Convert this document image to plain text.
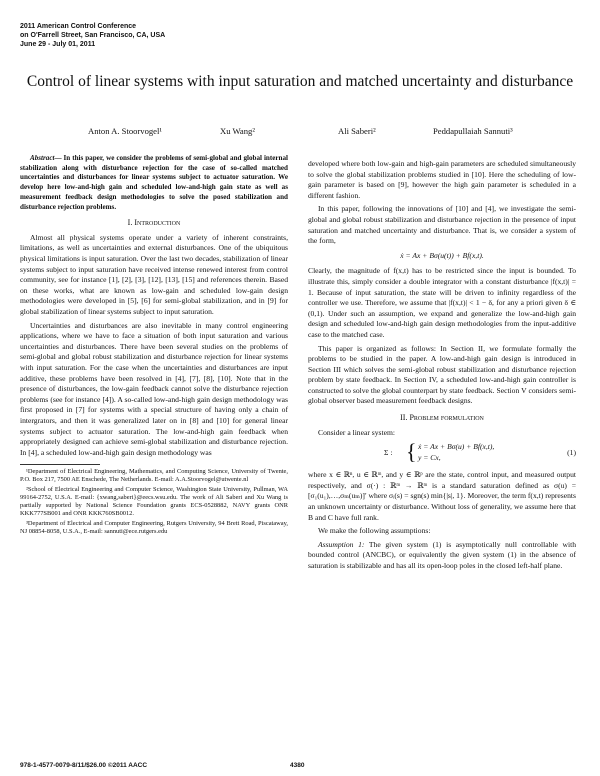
2011 American Control Conference
on O'Farrell Street, San Francisco, CA, USA
June 29 - July 01, 2011
Control of linear systems with input saturation and matched uncertainty and disturbance
Anton A. Stoorvogel¹	Xu Wang²	Ali Saberi²	Peddapullaiah Sannuti³

Abstract— In this paper, we consider the problems of semi-global and global internal stabilization along with disturbance rejection for the case of so-called matched uncertainties and disturbances for linear systems subject to actuator saturation. We develop here low-and-high gain and scheduled low-and-high gain state as well as measurement feedback design methodologies to solve the posed stabilization and disturbance rejection problems.

I. Introduction

Almost all physical systems operate under a variety of inherent constraints, limitations, as well as uncertainties and external disturbances. One of the ubiquitous physical limitations is input saturation. Over the last two decades, stabilization of linear systems subject to input saturation have received intense renewed interest from control community, see for instance [1], [2], [3], [12], [13], [15] and references therein. Based on these works, what are known as low-gain and scheduled low-gain design methodologies were developed in [5], [6] for semi-global stabilization, and in [9] for global stabilization of linear systems subject to input saturation.

Uncertainties and disturbances are also inevitable in many control engineering applications, where we have to face a situation of both input saturation and various uncertainties and disturbances. There have been several studies on the problems of semi-global and global robust stabilization and disturbance rejection for linear systems with input saturation. For the case when the uncertainties and disturbances are input additive, these problems have been resolved in [4], [7], [8], [10]. Note that in the presence of disturbances, the low-gain feedback cannot solve the disturbance rejection problems (see for instance [4]). A so-called low-and-high gain design methodology was first proposed in [7] for systems with a special structure of having only a chain of intergrators, and then it was generalized later on in [8] and [10] for general linear systems subject to actuator saturation. The low-and-high gain feedback when appropriately designed can achieve semi-global stabilization and disturbance rejection. In [4], a scheduled low-and-high gain design methodology was

¹Department of Electrical Engineering, Mathematics, and Computing Science, University of Twente, P.O. Box 217, 7500 AE Enschede, The Netherlands. E-mail: A.A.Stoorvogel@utwente.nl

²School of Electrical Engineering and Computer Science, Washington State University, Pullman, WA 99164-2752, U.S.A. E-mail: {xwang,saberi}@eecs.wsu.edu. The work of Ali Saberi and Xu Wang is partially supported by National Science Foundation grants ECS-0528882, NAVY grants ONR KKK777SB001 and ONR KKK760SB0012.

³Department of Electrical and Computer Engineering, Rutgers University, 94 Brett Road, Piscataway, NJ 08854-8058, U.S.A., E-mail: sannuti@ece.rutgers.edu

developed where both low-gain and high-gain parameters are scheduled simultaneously to solve the global stabilization problems studied in [10]. Here the scheduling of low-gain parameter is based on [9], however the high gain parameter is scheduled in a different fashion.

In this paper, following the innovations of [10] and [4], we investigate the semi-global and global robust stabilization and disturbance rejection in the presence of input saturation and matched uncertainty and disturbance. That is, we consider a system of the form,

ẋ = Ax + Bσ(u(t)) + Bf(x,t).

Clearly, the magnitude of f(x,t) has to be restricted since the input is bounded. To illustrate this, simply consider a double integrator with a constant disturbance |f(x,t)| = 1. Because of input saturation, the state will be driven to infinity regardless of the controller we use. Therefore, we assume that |f(x,t)| < 1 − δ, for any a priori given δ ∈ (0,1). Under such an assumption, we expand and generalize the low-and-high gain design and scheduled low-and-high gain design methodologies from the input-additive case to the matched case.

This paper is organized as follows: In Section II, we formulate formally the problems to be studied in the paper. A low-and-high gain design is introduced in Section III which solves the semi-global robust stabilization and disturbance rejection problem by state feedback. In Section IV, a scheduled low-and-high gain controller is constructed to solve the global counterpart by state feedback. Section V considers semi-global observer based measurement feedback designs.

II. Problem formulation

Consider a linear system:

Σ : { ẋ = Ax + Bσ(u) + Bf(x,t),
y = Cx,
(1)

where x ∈ ℝⁿ, u ∈ ℝᵐ, and y ∈ ℝᵖ are the state, control input, and measured output respectively, and σ(·) : ℝᵐ → ℝᵐ is a standard saturation defined as σ(u) = [σ₁(u₁),…,σₘ(uₘ)]′ where σᵢ(s) = sgn(s) min{|s|, 1}. Moreover, the term f(x,t) represents an unknown uncertainty or disturbance. Without loss of generality, we assume here that B and C have full rank.

We make the following assumptions:

Assumption 1: The given system (1) is asymptotically null controllable with bounded control (ANCBC), or equivalently the given system (1) in the absence of saturation is stabilizable and has all its open-loop poles in the closed left-half plane.

978-1-4577-0079-8/11/$26.00 ©2011 AACC	4380
